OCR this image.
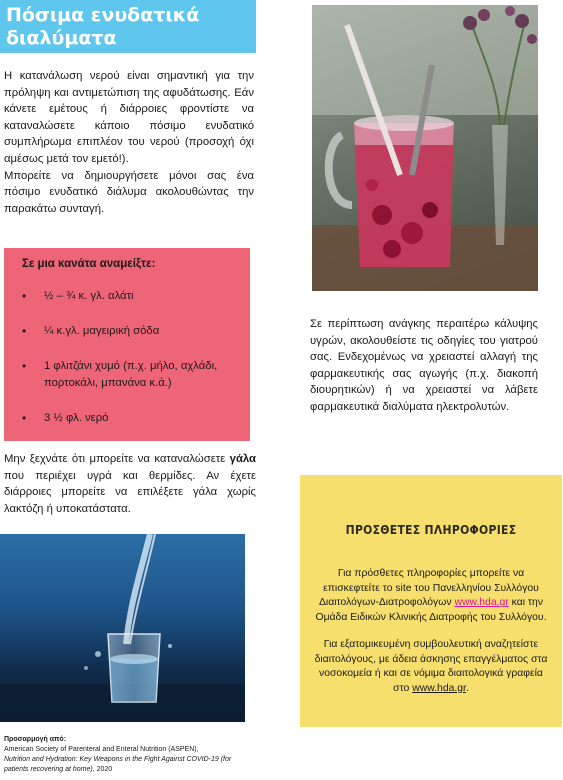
Πόσιμα ενυδατικά
διαλύματα

Η κατανάλωση νερού είναι σημαντική για την πρόληψη και αντιμετώπιση της αφυδάτωσης. Εάν κάνετε εμέτους ή διάρροιες φροντίστε να καταναλώσετε κάποιο πόσιμο ενυδατικό συμπλήρωμα επιπλέον του νερού (προσοχή όχι αμέσως μετά τον εμετό!).

Μπορείτε να δημιουργήσετε μόνοι σας ένα πόσιμο ενυδατικό διάλυμα ακολουθώντας την παρακάτω συνταγή.

Σε μια κανάτα αναμείξτε:
• ½ – ¾ κ. γλ. αλάτι
• ¼ κ.γλ. μαγειρική σόδα
• 1 φλιτζάνι χυμό (π.χ. μήλο, αχλάδι, πορτοκάλι, μπανάνα κ.ά.)
• 3 ½ φλ. νερό
Μην ξεχνάτε ότι μπορείτε να καταναλώσετε γάλα που περιέχει υγρά και θερμίδες. Αν έχετε διάρροιες μπορείτε να επιλέξετε γάλα χωρίς λακτόζη ή υποκατάστατα.
Προσαρμογή από:
American Society of Parenteral and Enteral Nutrition (ASPEN),
Nutrition and Hydration: Key Weapons in the Fight Against COVID-19 (for patients recovering at home), 2020
Σε περίπτωση ανάγκης περαιτέρω κάλυψης υγρών, ακολουθείστε τις οδηγίες του γιατρού σας. Ενδεχομένως να χρειαστεί αλλαγή της φαρμακευτικής σας αγωγής (π.χ. διακοπή διουρητικών) ή να χρειαστεί να λάβετε φαρμακευτικά διαλύματα ηλεκτρολυτών.
ΠΡΟΣΘΕΤΕΣ ΠΛΗΡΟΦΟΡΙΕΣ
Για πρόσθετες πληροφορίες μπορείτε να επισκεφτείτε το site του Πανελληνίου Συλλόγου Διαιτολόγων-Διατροφολόγων www.hda.gr και την Ομάδα Ειδικών Κλινικής Διατροφής του Συλλόγου.
Για εξατομικευμένη συμβουλευτική αναζητείστε διαιτολόγους, με άδεια άσκησης επαγγέλματος στα νοσοκομεία ή και σε νόμιμα διαιτολογικά γραφεία στο www.hda.gr.
